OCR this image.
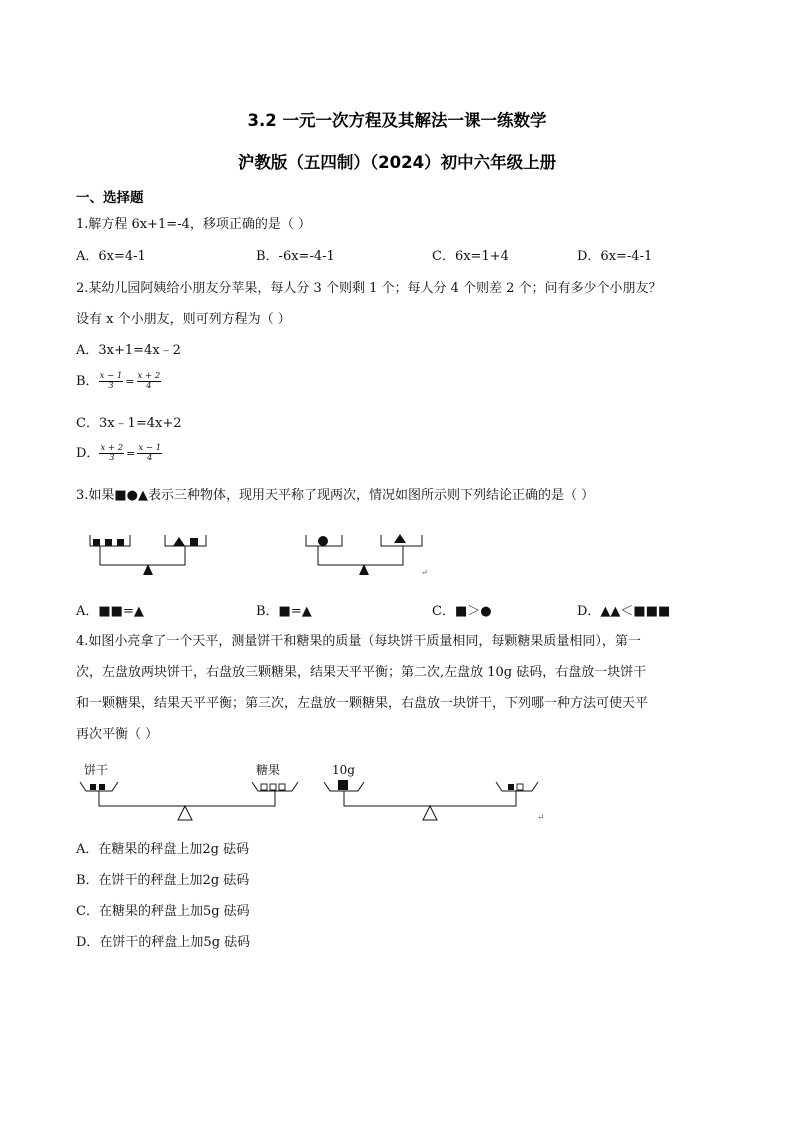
3.2 一元一次方程及其解法一课一练数学
沪教版（五四制）（2024）初中六年级上册
一、选择题
1.解方程 6x+1=-4，移项正确的是（ ）
A．6x=4-1	B．-6x=-4-1	C．6x=1+4	D．6x=-4-1
2.某幼儿园阿姨给小朋友分苹果，每人分 3 个则剩 1 个；每人分 4 个则差 2 个；问有多少个小朋友？
设有 x 个小朋友，则可列方程为（ ）
A．3x+1=4x﹣2
B． $\frac{x - 1}{3} = \frac{x + 2}{4}$
C．3x﹣1=4x+2
D． $\frac{x + 2}{3} = \frac{x - 1}{4}$
3.如果■●▲表示三种物体，现用天平称了现两次，情况如图所示则下列结论正确的是（ ）
↵
A．■■=▲	B．■=▲	C．■＞●	D．▲▲＜■■■
4.如图小亮拿了一个天平，测量饼干和糖果的质量（每块饼干质量相同，每颗糖果质量相同），第一
次，左盘放两块饼干，右盘放三颗糖果，结果天平平衡；第二次,左盘放 10g 砝码，右盘放一块饼干
和一颗糖果，结果天平平衡；第三次，左盘放一颗糖果，右盘放一块饼干，下列哪一种方法可使天平
再次平衡（ ）
饼干	糖果	10g
↵
A．在糖果的秤盘上加2g 砝码
B．在饼干的秤盘上加2g 砝码
C．在糖果的秤盘上加5g 砝码
D．在饼干的秤盘上加5g 砝码
